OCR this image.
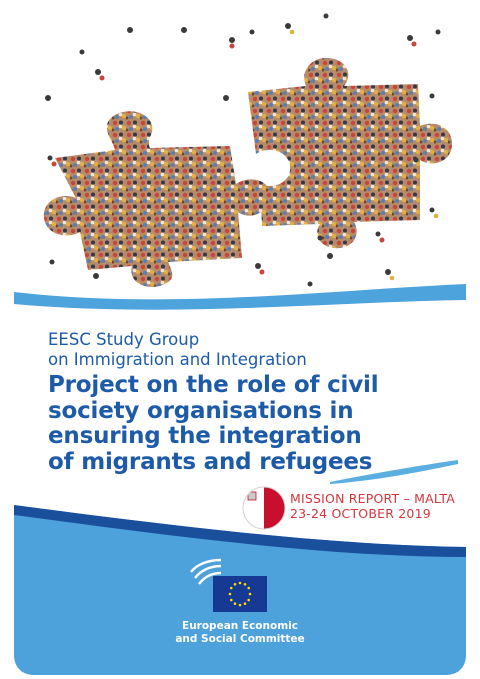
EESC Study Group
on Immigration and Integration
Project on the role of civil
society organisations in
ensuring the integration
of migrants and refugees
MISSION REPORT – MALTA
23-24 OCTOBER 2019
European Economic
and Social Committee
